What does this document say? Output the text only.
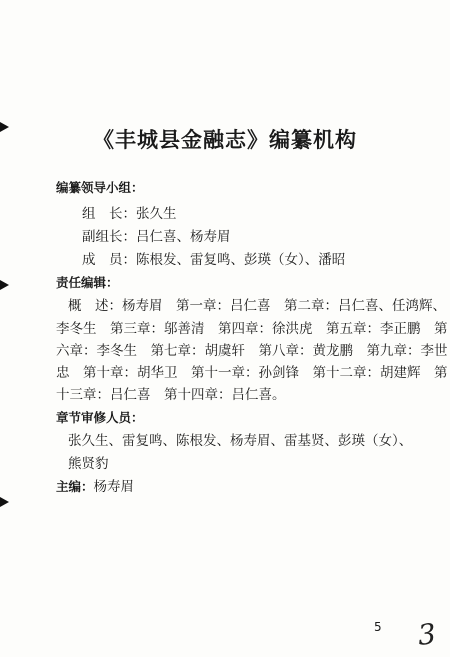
《丰城县金融志》编纂机构
编纂领导小组：
组　长：张久生
副组长：吕仁喜、杨寿眉
成　员：陈根发、雷复鸣、彭瑛（女）、潘昭
责任编辑：
概　述：杨寿眉　第一章：吕仁喜　第二章：吕仁喜、任鸿辉、
李冬生　第三章：邬善清　第四章：徐洪虎　第五章：李正鹏　第
六章：李冬生　第七章：胡虞轩　第八章：黄龙鹏　第九章：李世
忠　第十章：胡华卫　第十一章：孙剑锋　第十二章：胡建辉　第
十三章：吕仁喜　第十四章：吕仁喜。
章节审修人员：
张久生、雷复鸣、陈根发、杨寿眉、雷基贤、彭瑛（女）、
熊贤豹
主编：杨寿眉
5 3
